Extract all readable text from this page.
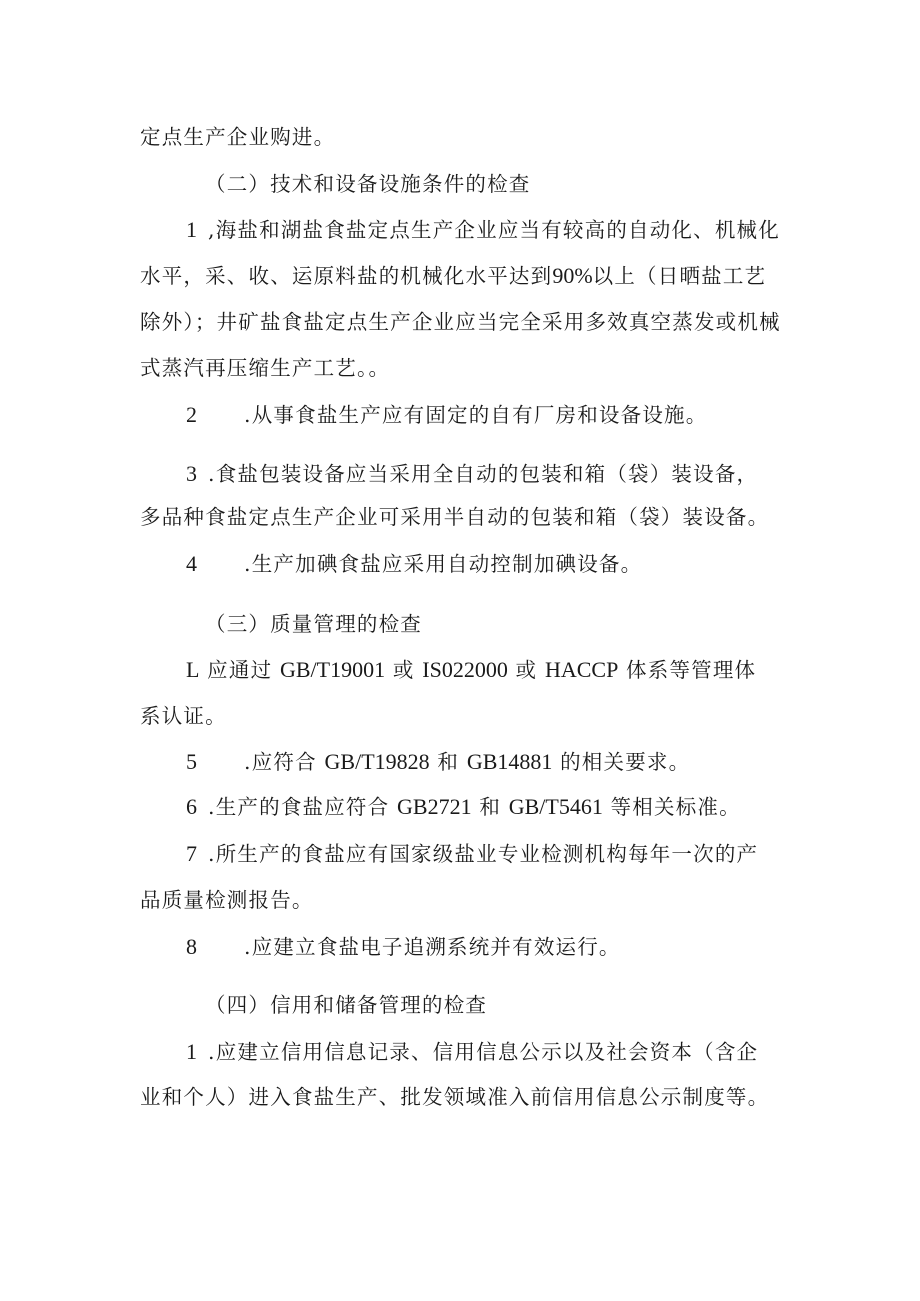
定点生产企业购进。
（二）技术和设备设施条件的检查
1 ,海盐和湖盐食盐定点生产企业应当有较高的自动化、机械化
水平，采、收、运原料盐的机械化水平达到90%以上（日晒盐工艺
除外）；井矿盐食盐定点生产企业应当完全采用多效真空蒸发或机械
式蒸汽再压缩生产工艺。。
2 .从事食盐生产应有固定的自有厂房和设备设施。
3 .食盐包装设备应当采用全自动的包装和箱（袋）装设备，
多品种食盐定点生产企业可采用半自动的包装和箱（袋）装设备。
4 .生产加碘食盐应采用自动控制加碘设备。
（三）质量管理的检查
L 应通过 GB/T19001 或 IS022000 或 HACCP 体系等管理体
系认证。
5 .应符合 GB/T19828 和 GB14881 的相关要求。
6 .生产的食盐应符合 GB2721 和 GB/T5461 等相关标准。
7 .所生产的食盐应有国家级盐业专业检测机构每年一次的产
品质量检测报告。
8 .应建立食盐电子追溯系统并有效运行。
（四）信用和储备管理的检查
1 .应建立信用信息记录、信用信息公示以及社会资本（含企
业和个人）进入食盐生产、批发领域准入前信用信息公示制度等。
